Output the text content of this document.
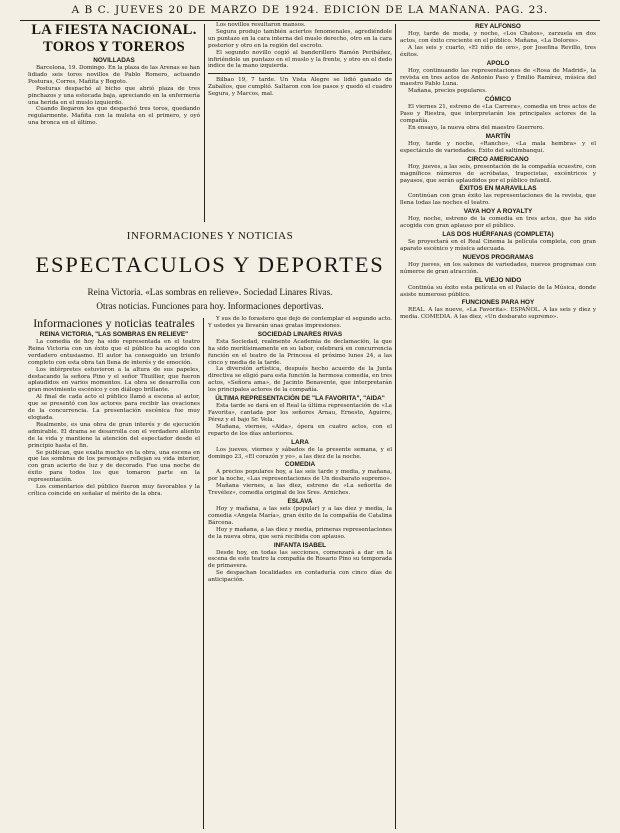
A B C. JUEVES 20 DE MARZO DE 1924. EDICIÓN DE LA MAÑANA. PAG. 23.
LA FIESTA NACIONAL. TOROS Y TOREROS
NOVILLADAS

Barcelona, 19. Domingo. En la plaza de las Arenas se han lidiado seis toros novillos de Pablo Romero, actuando Posturas, Corres, Mañita y Bogoto.

Posturas despachó al bicho que abrió plaza de tres pinchazos y una estocada baja, apreciando en la enfermería una herida en el muslo izquierdo.

Cuando llegaron los que despachó tres toros, quedando regularmente. Mañita con la muleta en el primero, y oyó una bronca en el último.

Los novillos resultaron mansos.

Segura produjo también aciertos fenomenales, agrediéndole un puntazo en la cara interna del muslo derecho, otro en la cara posterior y otro en la región del escroto.

El segundo novillo cogió al banderillero Ramón Peribáñez, infiriéndole un puntazo en el muslo y la frente, y otro en el dedo índice de la mano izquierda.

Bilbao 19, 7 tarde. Un Vista Alegre se lidió ganado de Zabalíos, que cumplió. Saltaron con los pasos y quedó el cuadro Segura, y Marcos, mal.

INFORMACIONES Y NOTICIAS
ESPECTACULOS Y DEPORTES
Reina Victoria. «Las sombras en relieve». Sociedad Linares Rivas.
Otras noticias. Funciones para hoy. Informaciones deportivas.
Informaciones y noticias teatrales
REINA VICTORIA, "LAS SOMBRAS EN RELIEVE"

La comedia de hoy ha sido representada en el teatro Reina Victoria con un éxito que el público ha acogido con verdadero entusiasmo. El autor ha conseguido un triunfo completo con esta obra tan llena de interés y de emoción.

Los intérpretes estuvieron a la altura de sus papeles, destacando la señora Pino y el señor Thuillier, que fueron aplaudidos en varios momentos. La obra se desarrolla con gran movimiento escénico y con diálogo brillante.

Al final de cada acto el público llamó a escena al autor, que se presentó con los actores para recibir las ovaciones de la concurrencia. La presentación escénica fue muy elogiada.

Realmente, es una obra de gran interés y de ejecución admirable. El drama se desarrolla con el verdadero aliento de la vida y mantiene la atención del espectador desde el principio hasta el fin.

Se publican, que exalta mucho en la obra, una escena en que las sombras de los personajes reflejan su vida interior, con gran acierto de luz y de decorado. Fue una noche de éxito para todos los que tomaron parte en la representación.

Los comentarios del público fueron muy favorables y la crítica coincide en señalar el mérito de la obra.

Y sus de lo forastero que dejó de contemplar el segundo acto. Y ustedes ya llevarán unas gratas impresiones.

SOCIEDAD LINARES RIVAS

Esta Sociedad, realmente Academia de declamación, la que ha sido meritísimamente en su labor, celebrará en concurrencia función en el teatro de la Princesa el próximo lunes 24, a las cinco y media de la tarde.

La diversión artística, después hecho acuerdo de la Junta directiva se eligió para esta función la hermosa comedia, en tres actos, «Señora ama», de Jacinto Benavente, que interpretarán los principales actores de la compañía.

ÚLTIMA REPRESENTACIÓN DE "LA FAVORITA", "AIDA"

Esta tarde se dará en el Real la última representación de «La Favorita», cantada por los señores Arnau, Ernesto, Aguirre, Pérez y el bajo Sr. Vela.

Mañana, viernes, «Aida», ópera en cuatro actos, con el reparto de los días anteriores.

LARA

Los jueves, viernes y sábados de la presente semana, y el domingo 23, «El corazón y yo», a las diez de la noche.

COMEDIA

A precios populares hoy, a las seis tarde y media, y mañana, por la noche, «Las representaciones de Un desbarato supremo».

Mañana viernes, a las diez, estreno de «La señorita de Trevélez», comedia original de los Sres. Arniches.

ESLAVA

Hoy y mañana, a las seis (popular) y a las diez y media, la comedia «Angela María», gran éxito de la compañía de Catalina Bárcena.

Hoy y mañana, a las diez y media, primeras representaciones de la nueva obra, que será recibida con aplauso.

INFANTA ISABEL

Desde hoy, en todas las secciones, comenzará a dar en la escena de este teatro la compañía de Rosario Pino su temporada de primavera.

Se despachan localidades en contaduría con cinco días de anticipación.

REY ALFONSO

Hoy, tarde de moda, y noche, «Los Chatos», zarzuela en dos actos, con éxito creciente en el público. Mañana, «La Dolores».

A las seis y cuarto, «El niño de oro», por Josefina Revillo, tres éxitos.

APOLO

Hoy, continuando las representaciones de «Rosa de Madrid», la revista en tres actos de Antonio Paso y Emilio Ramírez, música del maestro Pablo Luna.

Mañana, precios populares.

CÓMICO

El viernes 21, estreno de «La Carrera», comedia en tres actos de Paso y Riestra, que interpretarán los principales actores de la compañía.

En ensayo, la nueva obra del maestro Guerrero.

MARTÍN

Hoy, tarde y noche, «Rancho», «La mala hembra» y el espectáculo de variedades. Éxito del saltimbanqui.

CIRCO AMERICANO

Hoy, jueves, a las seis, presentación de la compañía ecuestre, con magníficos números de acróbatas, trapecistas, excéntricos y payasos, que serán aplaudidos por el público infantil.

ÉXITOS EN MARAVILLAS

Continúan con gran éxito las representaciones de la revista, que llena todas las noches el teatro.

VAYA HOY A ROYALTY

Hoy, noche, estreno de la comedia en tres actos, que ha sido acogida con gran aplauso por el público.

LAS DOS HUÉRFANAS (COMPLETA)

Se proyectará en el Real Cinema la película completa, con gran aparato escénico y música adecuada.

NUEVOS PROGRAMAS

Hoy jueves, en los salones de variedades, nuevos programas con números de gran atracción.

EL VIEJO NIDO

Continúa su éxito esta película en el Palacio de la Música, donde asiste numeroso público.

FUNCIONES PARA HOY

REAL. A las nueve, «La Favorita». ESPAÑOL. A las seis y diez y media. COMEDIA. A las diez, «Un desbarato supremo».
